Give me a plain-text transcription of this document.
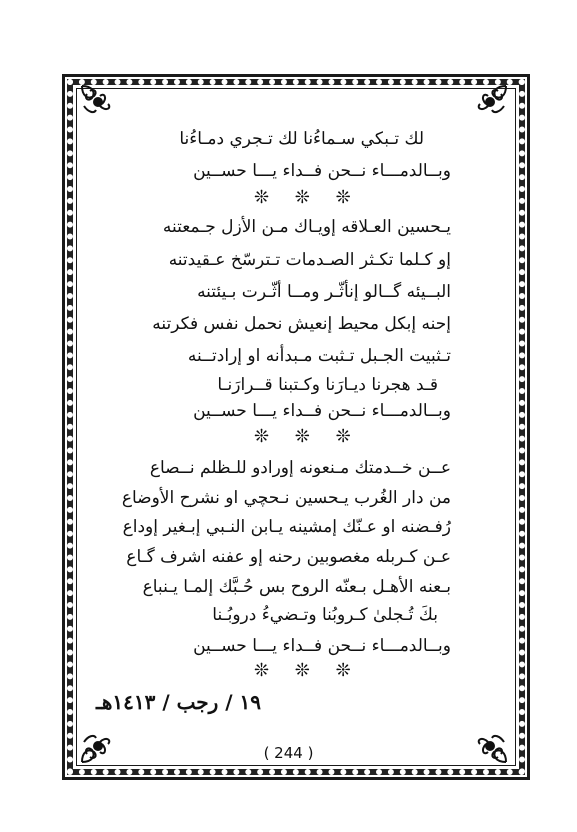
لك تـبكي سـماءُنا لك تـجري دمـاءُنا
وبــالدمـــاء نــحن فــداء يـــا حســين
❊ ❊ ❊
يـحسين العـلاقه إويـاك مـن الأزل جـمعتنه
إو كـلما تكـثر الصـدمات تـترسّخ عـقيدتنه
البــيئه گــالو إنأثّـر ومــا أثّـرت بـيئتنه
إحنه إبكل محيط إنعيش نحمل نفس فكرتنه
تـثبيت الجـبل تـثبت مـبدأنه او إرادتــنه
قـد هجرنا ديـارَنا وكـتبنا قــرارَنـا
وبــالدمـــاء نــحن فــداء يـــا حســين
❊ ❊ ❊
عــن خــدمتك مـنعونه إورادو للـظلم نــصاع
من دار الغُرب يـحسين نـحچي او نشرح الأوضاع
رُفـضنه او عـنّك إمشينه يـابن النـبي إبـغير إوداع
عـن كـربله مغصوبين رحنه إو عفنه اشرف گـاع
بـعنه الأهـل بـعنّه الروح بس حُـبَّك إلمـا يـنباع
بكَ تُـجلىٰ كـروبُنا وتـضيءُ دروبُـنا
وبــالدمـــاء نــحن فــداء يـــا حســين
❊ ❊ ❊
١٩ / رجب / ١٤١٣هـ
( 244 )
